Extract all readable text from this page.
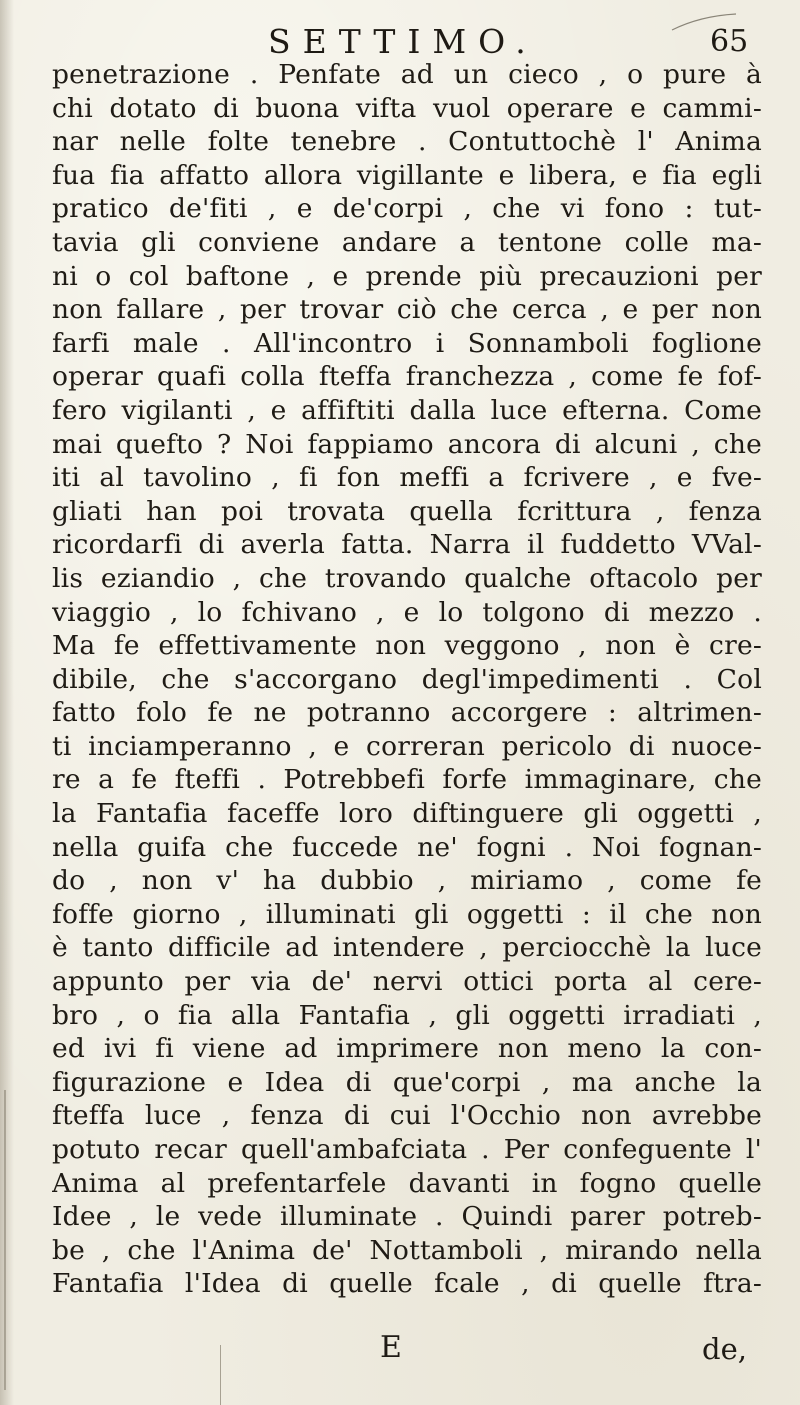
SETTIMO.	65
penetrazione . Penfate ad un cieco , o pure à
chi dotato di buona vifta vuol operare e cammi-
nar nelle folte tenebre . Contuttochè l' Anima
fua fia affatto allora vigillante e libera, e fia egli
pratico de'fiti , e de'corpi , che vi fono : tut-
tavia gli conviene andare a tentone colle ma-
ni o col baftone , e prende più precauzioni per
non fallare , per trovar ciò che cerca , e per non
farfi male . All'incontro i Sonnamboli foglione
operar quafi colla fteffa franchezza , come fe fof-
fero vigilanti , e affiftiti dalla luce efterna. Come
mai quefto ? Noi fappiamo ancora di alcuni , che
iti al tavolino , fi fon meffi a fcrivere , e fve-
gliati han poi trovata quella fcrittura , fenza
ricordarfi di averla fatta. Narra il fuddetto VVal-
lis eziandio , che trovando qualche oftacolo per
viaggio , lo fchivano , e lo tolgono di mezzo .
Ma fe effettivamente non veggono , non è cre-
dibile, che s'accorgano degl'impedimenti . Col
fatto folo fe ne potranno accorgere : altrimen-
ti inciamperanno , e correran pericolo di nuoce-
re a fe fteffi . Potrebbefi forfe immaginare, che
la Fantafia faceffe loro diftinguere gli oggetti ,
nella guifa che fuccede ne' fogni . Noi fognan-
do , non v' ha dubbio , miriamo , come fe
foffe giorno , illuminati gli oggetti : il che non
è tanto difficile ad intendere , perciocchè la luce
appunto per via de' nervi ottici porta al cere-
bro , o fia alla Fantafia , gli oggetti irradiati ,
ed ivi fi viene ad imprimere non meno la con-
figurazione e Idea di que'corpi , ma anche la
fteffa luce , fenza di cui l'Occhio non avrebbe
potuto recar quell'ambafciata . Per confeguente l'
Anima al prefentarfele davanti in fogno quelle
Idee , le vede illuminate . Quindi parer potreb-
be , che l'Anima de' Nottamboli , mirando nella
Fantafia l'Idea di quelle fcale , di quelle ftra-
E	de,
